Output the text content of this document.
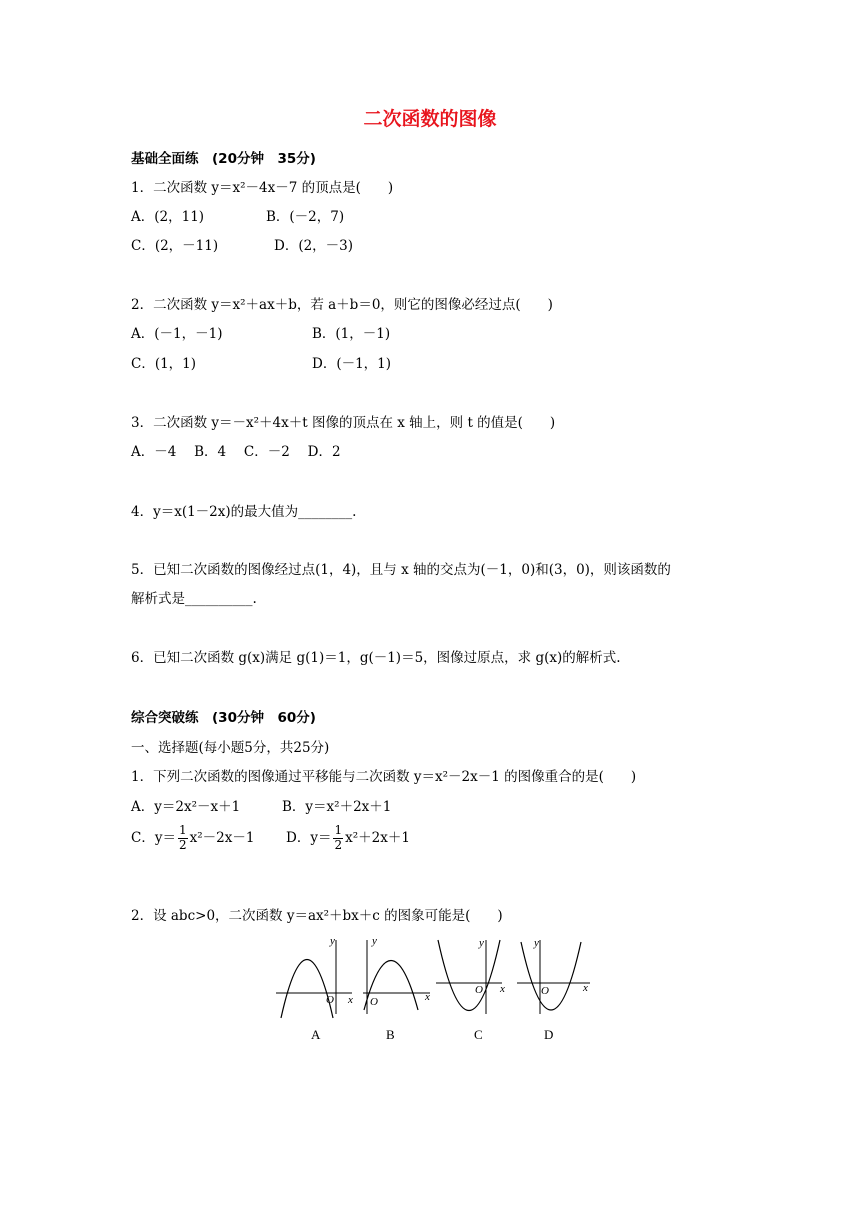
二次函数的图像
基础全面练　(20分钟　35分)
1．二次函数 y＝x²－4x－7 的顶点是(　　)
A．(2，11)	B．(－2，7)
C．(2，－11)	D．(2，－3)
2．二次函数 y＝x²＋ax＋b，若 a＋b＝0，则它的图像必经过点(　　)
A．(－1，－1)	B．(1，－1)
C．(1，1)	D．(－1，1)
3．二次函数 y＝－x²＋4x＋t 图像的顶点在 x 轴上，则 t 的值是(　　)
A．－4　 B．4　 C．－2　 D．2
4．y＝x(1－2x)的最大值为________.
5．已知二次函数的图像经过点(1，4)，且与 x 轴的交点为(－1，0)和(3，0)，则该函数的
解析式是__________.
6．已知二次函数 g(x)满足 g(1)＝1，g(－1)＝5，图像过原点，求 g(x)的解析式.
综合突破练　(30分钟　60分)
一、选择题(每小题5分，共25分)
1．下列二次函数的图像通过平移能与二次函数 y＝x²－2x－1 的图像重合的是(　　)
A．y＝2x²－x＋1	B．y＝x²＋2x＋1
C．$y= \frac{1}{2} x^2-2x-1$ D．$y= \frac{1}{2} x^2+2x+1$
2．设 abc>0，二次函数 y＝ax²＋bx＋c 的图象可能是(　　)
y
x
O
A
y
x
O
B
y
x
O
C
y
x
O
D
